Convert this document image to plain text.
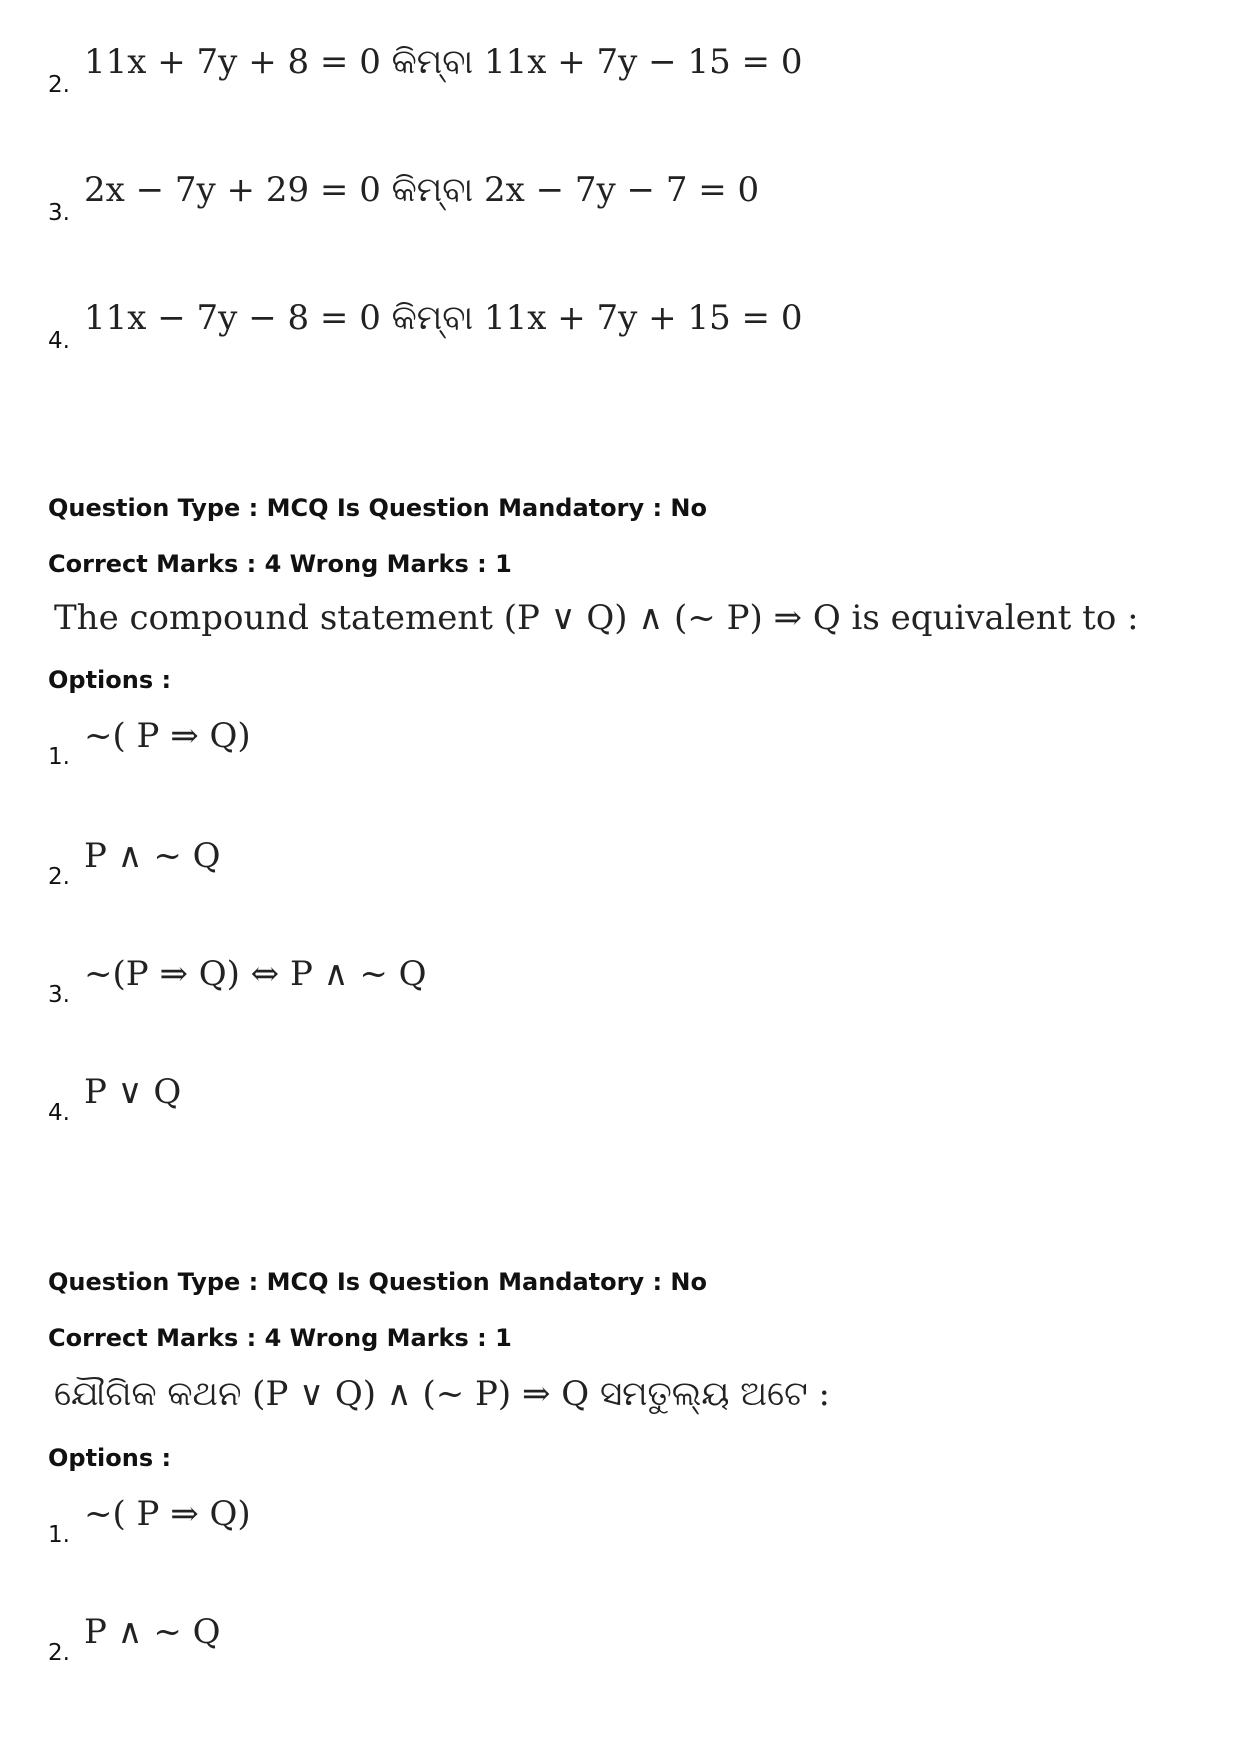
2.
11x + 7y + 8 = 0 କିମ୍ବା 11x + 7y − 15 = 0
3.
2x − 7y + 29 = 0 କିମ୍ବା 2x − 7y − 7 = 0
4.
11x − 7y − 8 = 0 କିମ୍ବା 11x + 7y + 15 = 0
Question Type : MCQ Is Question Mandatory : No
Correct Marks : 4 Wrong Marks : 1
The compound statement (P ∨ Q) ∧ (~ P) ⇒ Q is equivalent to :
Options :
1.
~( P ⇒ Q)
2.
P ∧ ~ Q
3.
~(P ⇒ Q) ⇔ P ∧ ~ Q
4.
P ∨ Q
Question Type : MCQ Is Question Mandatory : No
Correct Marks : 4 Wrong Marks : 1
ଯୌଗିକ କଥନ (P ∨ Q) ∧ (~ P) ⇒ Q ସମତୁଲ୍ୟ ଅଟେ :
Options :
1.
~( P ⇒ Q)
2.
P ∧ ~ Q
